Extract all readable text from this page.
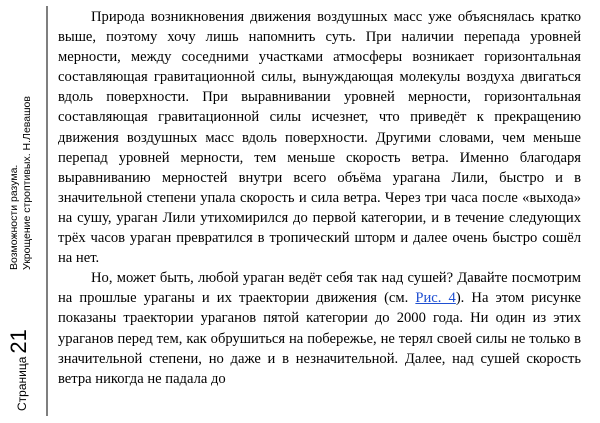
Страница
21
Возможности разума. Укрощение строптивых. Н.Левашов

Природа возникновения движения воздушных масс уже объяснялась кратко выше, поэтому хочу лишь напомнить суть. При наличии перепада уровней мерности, между соседними участками атмосферы возникает горизонтальная составляющая гравитационной силы, вынуждающая молекулы воздуха двигаться вдоль поверхности. При выравнивании уровней мерности, горизонтальная составляющая гравитационной силы исчезнет, что приведёт к прекращению движения воздушных масс вдоль поверхности. Другими словами, чем меньше перепад уровней мерности, тем меньше скорость ветра. Именно благодаря выравниванию мерностей внутри всего объёма урагана Лили, быстро и в значительной степени упала скорость и сила ветра. Через три часа после «выхода» на сушу, ураган Лили утихомирился до первой категории, и в течение следующих трёх часов ураган превратился в тропический шторм и далее очень быстро сошёл на нет.

Но, может быть, любой ураган ведёт себя так над сушей? Давайте посмотрим на прошлые ураганы и их траектории движения (см. Рис. 4). На этом рисунке показаны траектории ураганов пятой категории до 2000 года. Ни один из этих ураганов перед тем, как обрушиться на побережье, не терял своей силы не только в значительной степени, но даже и в незначительной. Далее, над сушей скорость ветра никогда не падала до
